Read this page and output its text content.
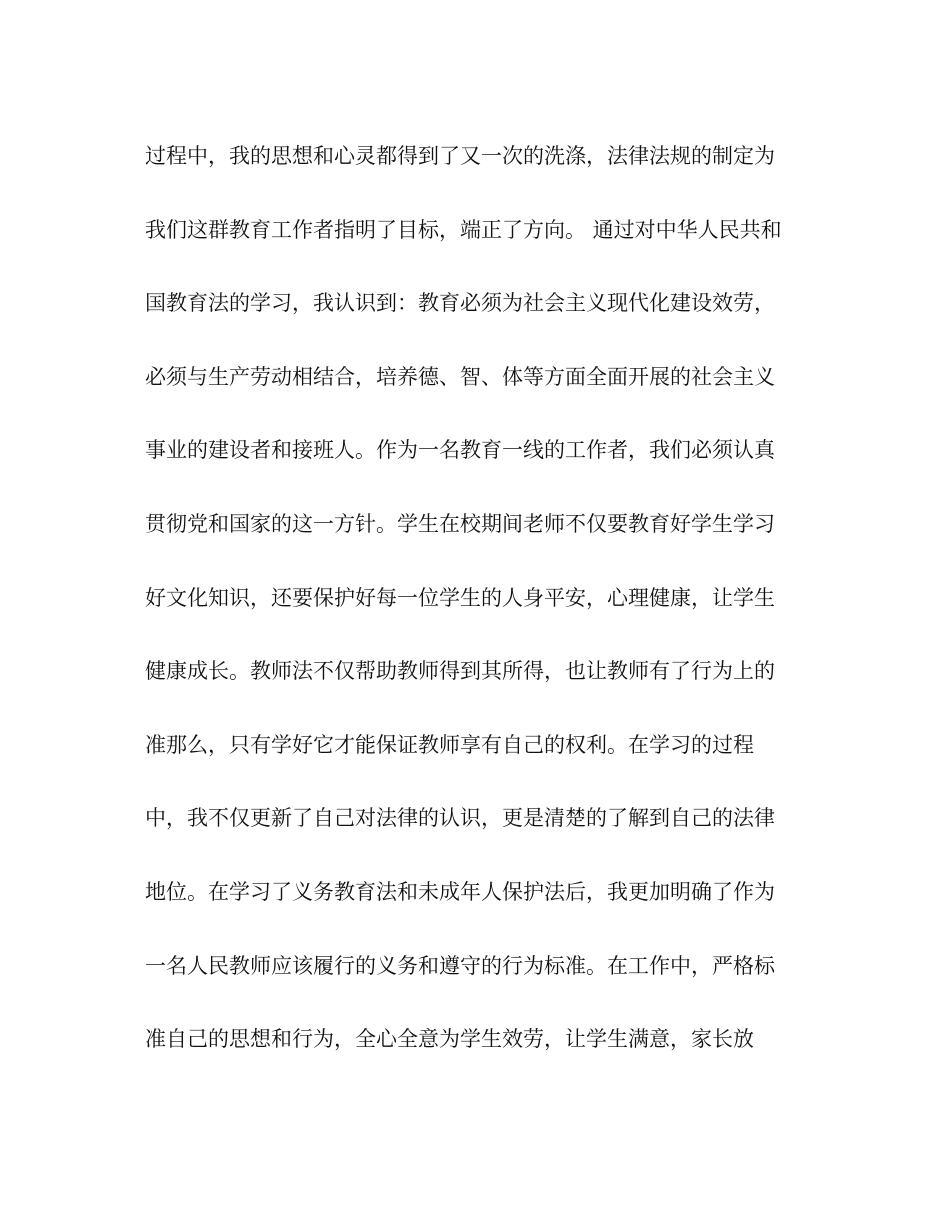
过程中，我的思想和心灵都得到了又一次的洗涤，法律法规的制定为
我们这群教育工作者指明了目标，端正了方向。 通过对中华人民共和
国教育法的学习，我认识到：教育必须为社会主义现代化建设效劳，
必须与生产劳动相结合，培养德、智、体等方面全面开展的社会主义
事业的建设者和接班人。作为一名教育一线的工作者，我们必须认真
贯彻党和国家的这一方针。学生在校期间老师不仅要教育好学生学习
好文化知识，还要保护好每一位学生的人身平安，心理健康，让学生
健康成长。教师法不仅帮助教师得到其所得，也让教师有了行为上的
准那么，只有学好它才能保证教师享有自己的权利。在学习的过程
中，我不仅更新了自己对法律的认识，更是清楚的了解到自己的法律
地位。在学习了义务教育法和未成年人保护法后，我更加明确了作为
一名人民教师应该履行的义务和遵守的行为标准。在工作中，严格标
准自己的思想和行为，全心全意为学生效劳，让学生满意，家长放
